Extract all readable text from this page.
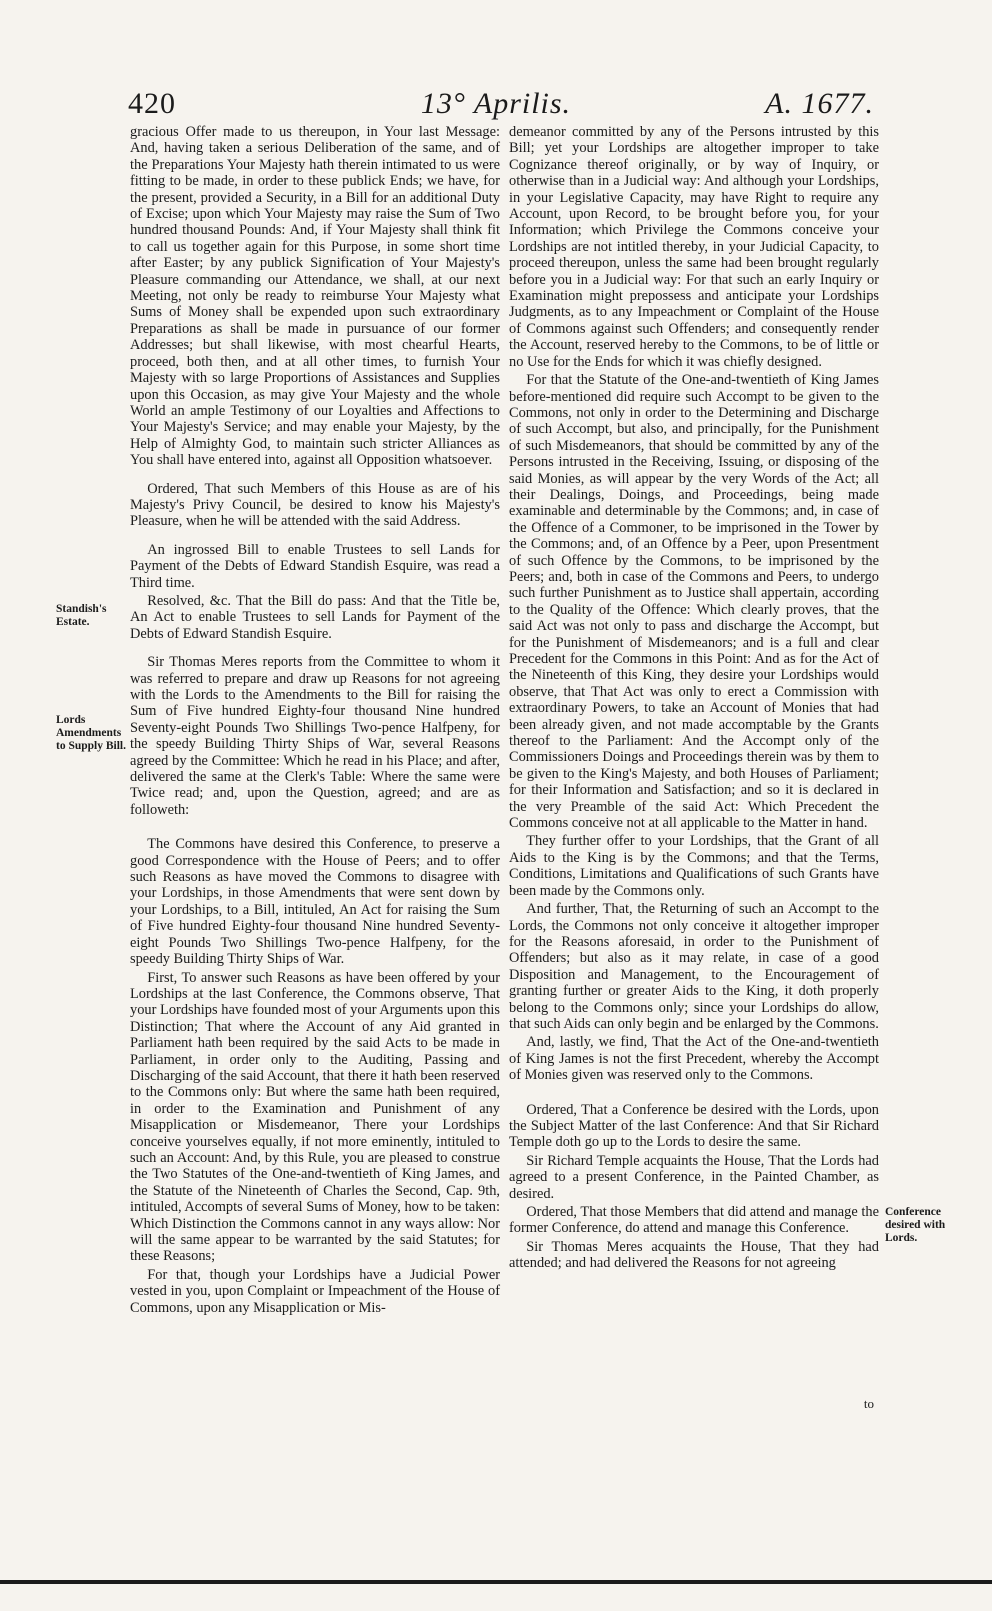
420	13° Aprilis.	A. 1677.
Standish's Estate.
Lords Amendments to Supply Bill.
Conference desired with Lords.

gracious Offer made to us thereupon, in Your last Message: And, having taken a serious Deliberation of the same, and of the Preparations Your Majesty hath therein intimated to us were fitting to be made, in order to these publick Ends; we have, for the present, provided a Security, in a Bill for an additional Duty of Excise; upon which Your Majesty may raise the Sum of Two hundred thousand Pounds: And, if Your Majesty shall think fit to call us together again for this Purpose, in some short time after Easter; by any publick Signification of Your Majesty's Pleasure commanding our Attendance, we shall, at our next Meeting, not only be ready to reimburse Your Majesty what Sums of Money shall be expended upon such extraordinary Preparations as shall be made in pursuance of our former Addresses; but shall likewise, with most chearful Hearts, proceed, both then, and at all other times, to furnish Your Majesty with so large Proportions of Assistances and Supplies upon this Occasion, as may give Your Majesty and the whole World an ample Testimony of our Loyalties and Affections to Your Majesty's Service; and may enable your Majesty, by the Help of Almighty God, to maintain such stricter Alliances as You shall have entered into, against all Opposition whatsoever.

Ordered, That such Members of this House as are of his Majesty's Privy Council, be desired to know his Majesty's Pleasure, when he will be attended with the said Address.

An ingrossed Bill to enable Trustees to sell Lands for Payment of the Debts of Edward Standish Esquire, was read a Third time.

Resolved, &c. That the Bill do pass: And that the Title be, An Act to enable Trustees to sell Lands for Payment of the Debts of Edward Standish Esquire.

Sir Thomas Meres reports from the Committee to whom it was referred to prepare and draw up Reasons for not agreeing with the Lords to the Amendments to the Bill for raising the Sum of Five hundred Eighty-four thousand Nine hundred Seventy-eight Pounds Two Shillings Two-pence Halfpeny, for the speedy Building Thirty Ships of War, several Reasons agreed by the Committee: Which he read in his Place; and after, delivered the same at the Clerk's Table: Where the same were Twice read; and, upon the Question, agreed; and are as followeth:

The Commons have desired this Conference, to preserve a good Correspondence with the House of Peers; and to offer such Reasons as have moved the Commons to disagree with your Lordships, in those Amendments that were sent down by your Lordships, to a Bill, intituled, An Act for raising the Sum of Five hundred Eighty-four thousand Nine hundred Seventy-eight Pounds Two Shillings Two-pence Halfpeny, for the speedy Building Thirty Ships of War.

First, To answer such Reasons as have been offered by your Lordships at the last Conference, the Commons observe, That your Lordships have founded most of your Arguments upon this Distinction; That where the Account of any Aid granted in Parliament hath been required by the said Acts to be made in Parliament, in order only to the Auditing, Passing and Discharging of the said Account, that there it hath been reserved to the Commons only: But where the same hath been required, in order to the Examination and Punishment of any Misapplication or Misdemeanor, There your Lordships conceive yourselves equally, if not more eminently, intituled to such an Account: And, by this Rule, you are pleased to construe the Two Statutes of the One-and-twentieth of King James, and the Statute of the Nineteenth of Charles the Second, Cap. 9th, intituled, Accompts of several Sums of Money, how to be taken: Which Distinction the Commons cannot in any ways allow: Nor will the same appear to be warranted by the said Statutes; for these Reasons;

For that, though your Lordships have a Judicial Power vested in you, upon Complaint or Impeachment of the House of Commons, upon any Misapplication or Mis-

demeanor committed by any of the Persons intrusted by this Bill; yet your Lordships are altogether improper to take Cognizance thereof originally, or by way of Inquiry, or otherwise than in a Judicial way: And although your Lordships, in your Legislative Capacity, may have Right to require any Account, upon Record, to be brought before you, for your Information; which Privilege the Commons conceive your Lordships are not intitled thereby, in your Judicial Capacity, to proceed thereupon, unless the same had been brought regularly before you in a Judicial way: For that such an early Inquiry or Examination might prepossess and anticipate your Lordships Judgments, as to any Impeachment or Complaint of the House of Commons against such Offenders; and consequently render the Account, reserved hereby to the Commons, to be of little or no Use for the Ends for which it was chiefly designed.

For that the Statute of the One-and-twentieth of King James before-mentioned did require such Accompt to be given to the Commons, not only in order to the Determining and Discharge of such Accompt, but also, and principally, for the Punishment of such Misdemeanors, that should be committed by any of the Persons intrusted in the Receiving, Issuing, or disposing of the said Monies, as will appear by the very Words of the Act; all their Dealings, Doings, and Proceedings, being made examinable and determinable by the Commons; and, in case of the Offence of a Commoner, to be imprisoned in the Tower by the Commons; and, of an Offence by a Peer, upon Presentment of such Offence by the Commons, to be imprisoned by the Peers; and, both in case of the Commons and Peers, to undergo such further Punishment as to Justice shall appertain, according to the Quality of the Offence: Which clearly proves, that the said Act was not only to pass and discharge the Accompt, but for the Punishment of Misdemeanors; and is a full and clear Precedent for the Commons in this Point: And as for the Act of the Nineteenth of this King, they desire your Lordships would observe, that That Act was only to erect a Commission with extraordinary Powers, to take an Account of Monies that had been already given, and not made accomptable by the Grants thereof to the Parliament: And the Accompt only of the Commissioners Doings and Proceedings therein was by them to be given to the King's Majesty, and both Houses of Parliament; for their Information and Satisfaction; and so it is declared in the very Preamble of the said Act: Which Precedent the Commons conceive not at all applicable to the Matter in hand.

They further offer to your Lordships, that the Grant of all Aids to the King is by the Commons; and that the Terms, Conditions, Limitations and Qualifications of such Grants have been made by the Commons only.

And further, That, the Returning of such an Accompt to the Lords, the Commons not only conceive it altogether improper for the Reasons aforesaid, in order to the Punishment of Offenders; but also as it may relate, in case of a good Disposition and Management, to the Encouragement of granting further or greater Aids to the King, it doth properly belong to the Commons only; since your Lordships do allow, that such Aids can only begin and be enlarged by the Commons.

And, lastly, we find, That the Act of the One-and-twentieth of King James is not the first Precedent, whereby the Accompt of Monies given was reserved only to the Commons.

Ordered, That a Conference be desired with the Lords, upon the Subject Matter of the last Conference: And that Sir Richard Temple doth go up to the Lords to desire the same.

Sir Richard Temple acquaints the House, That the Lords had agreed to a present Conference, in the Painted Chamber, as desired.

Ordered, That those Members that did attend and manage the former Conference, do attend and manage this Conference.

Sir Thomas Meres acquaints the House, That they had attended; and had delivered the Reasons for not agreeing

to
